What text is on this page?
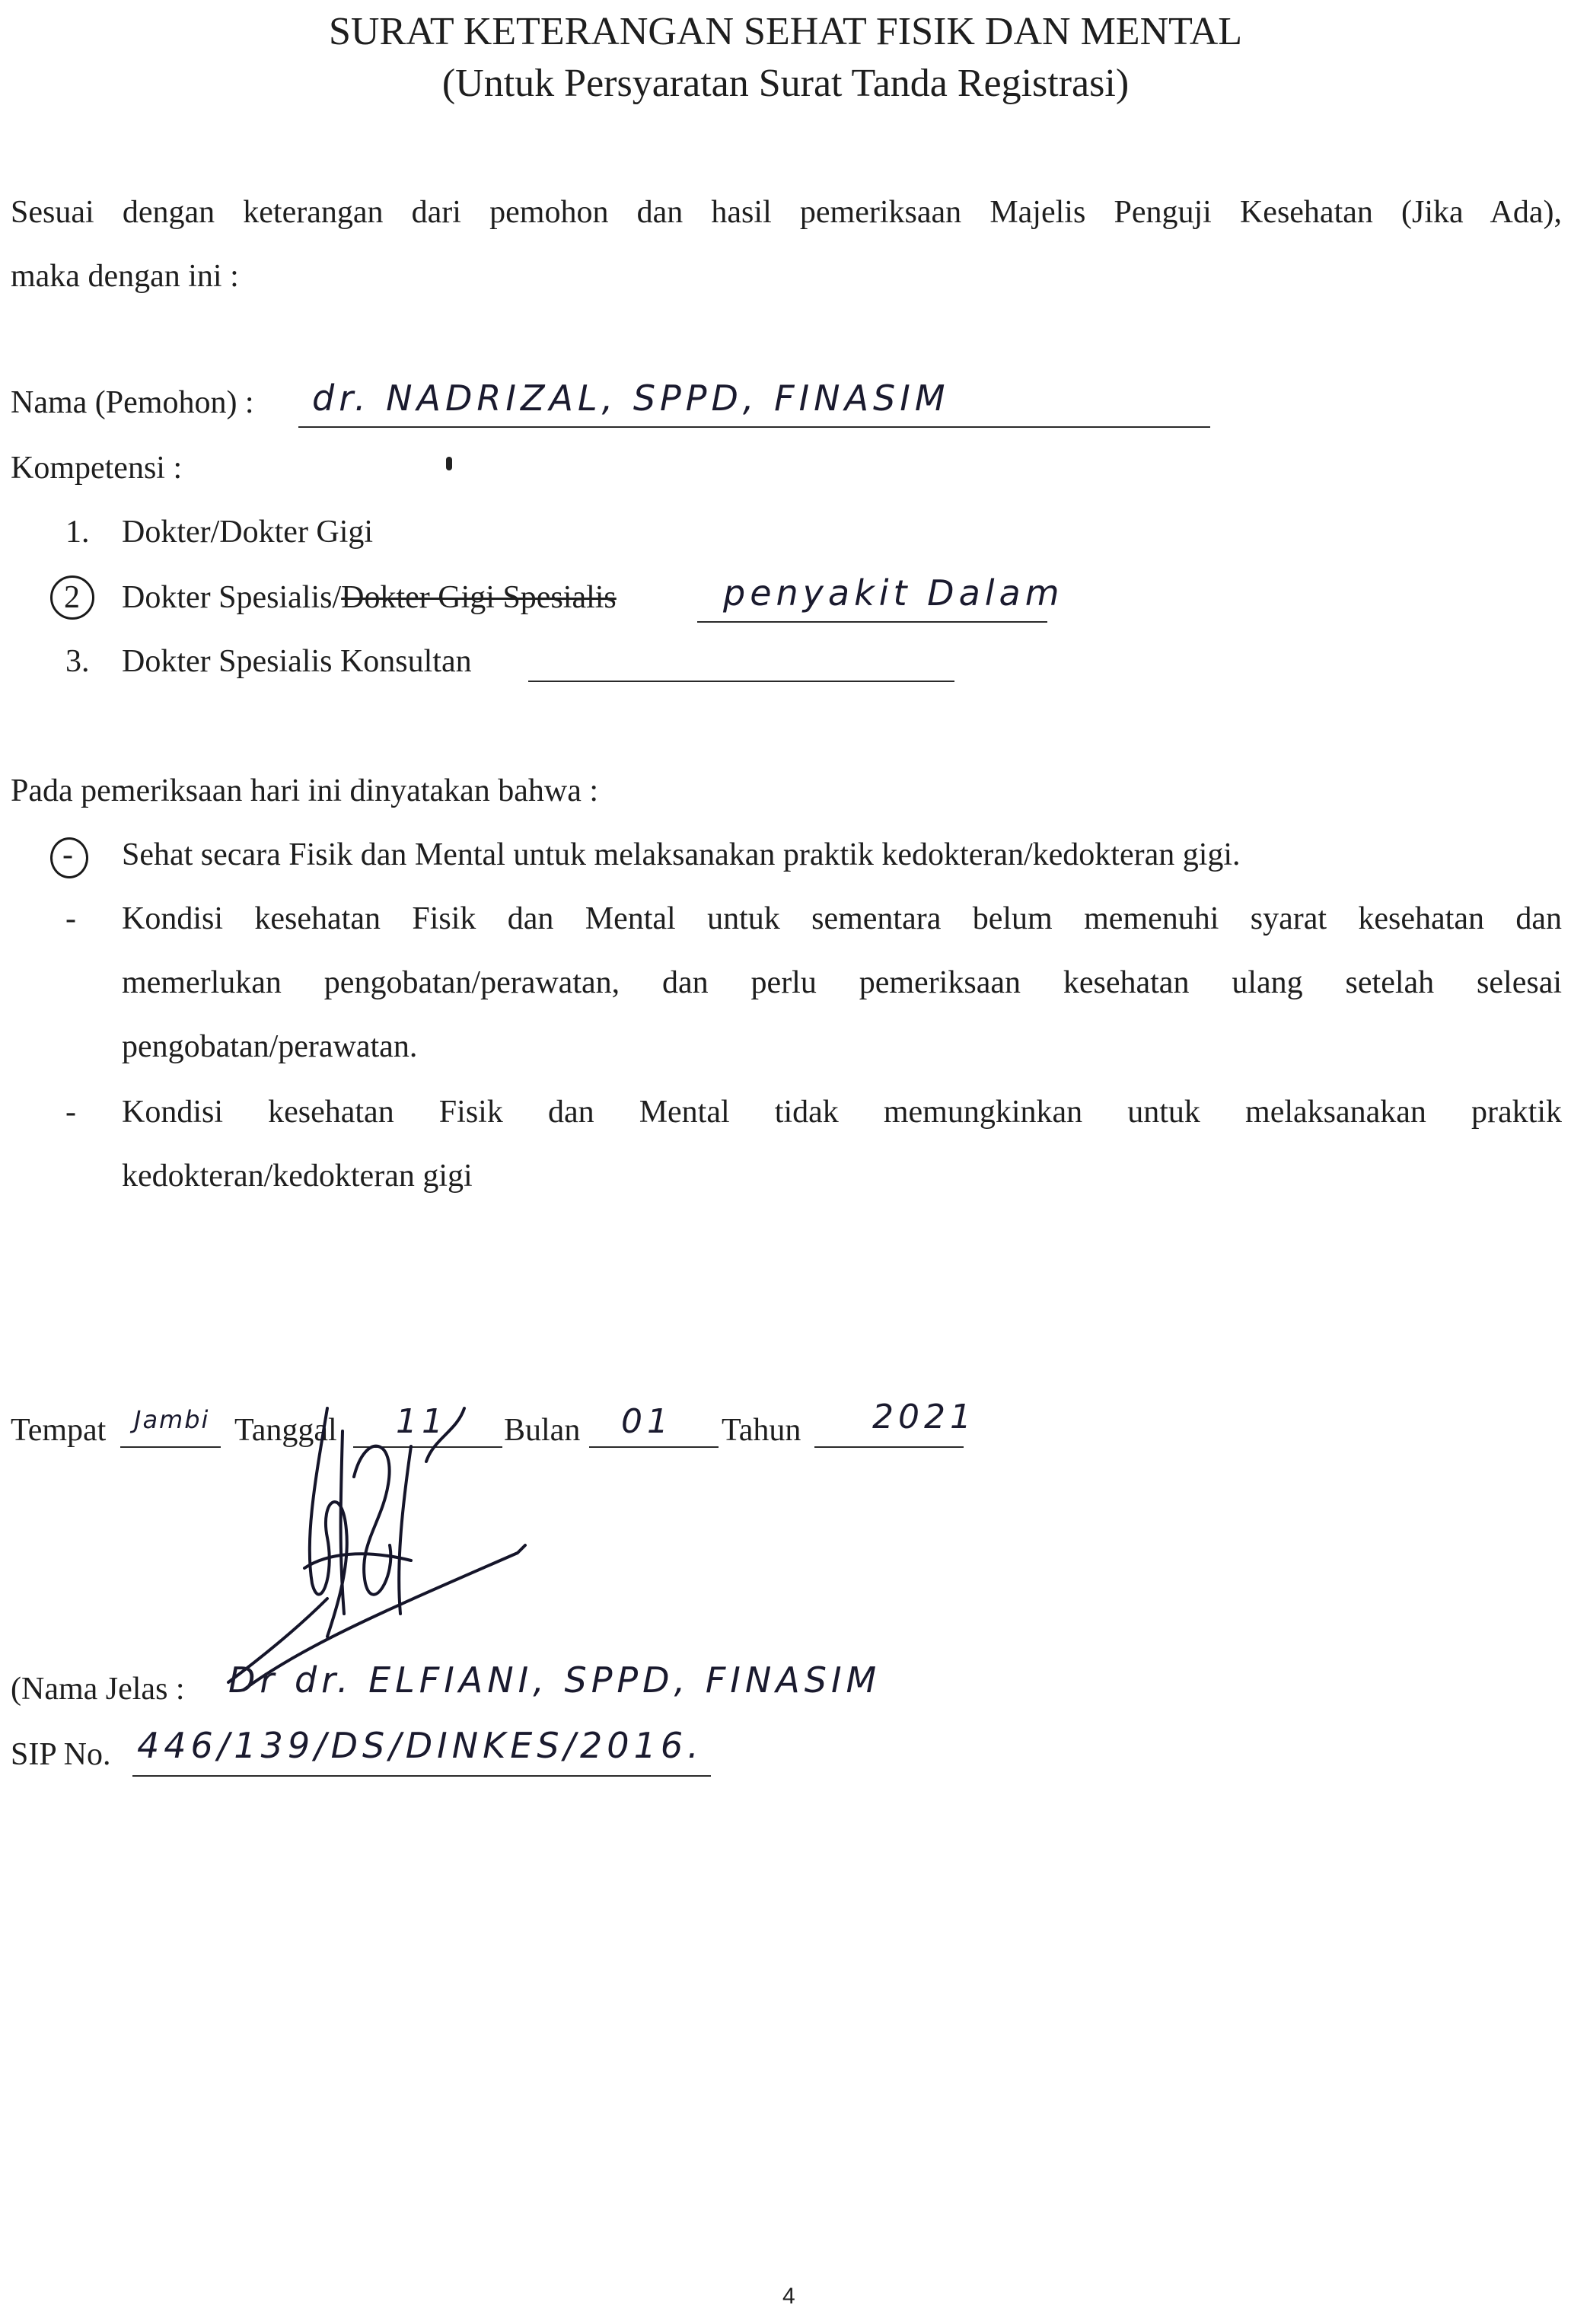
SURAT KETERANGAN SEHAT FISIK DAN MENTAL
(Untuk Persyaratan Surat Tanda Registrasi)
Sesuai dengan keterangan dari pemohon dan hasil pemeriksaan Majelis Penguji Kesehatan (Jika Ada),
maka dengan ini :
Nama (Pemohon) : dr. NADRIZAL, SPPD, FINASIM
Kompetensi :
1. Dokter/Dokter Gigi
2 Dokter Spesialis/Dokter Gigi Spesialis	penyakit Dalam
3. Dokter Spesialis Konsultan
Pada pemeriksaan hari ini dinyatakan bahwa :
- Sehat secara Fisik dan Mental untuk melaksanakan praktik kedokteran/kedokteran gigi.
- Kondisi kesehatan Fisik dan Mental untuk sementara belum memenuhi syarat kesehatan dan
memerlukan pengobatan/perawatan, dan perlu pemeriksaan kesehatan ulang setelah selesai
pengobatan/perawatan.
- Kondisi kesehatan Fisik dan Mental tidak memungkinkan untuk melaksanakan praktik
kedokteran/kedokteran gigi
Tempat Jambi Tanggal 11 Bulan 01 Tahun 2021
(Nama Jelas : Dr dr. ELFIANI, SPPD, FINASIM
SIP No. 446/139/DS/DINKES/2016.
4
